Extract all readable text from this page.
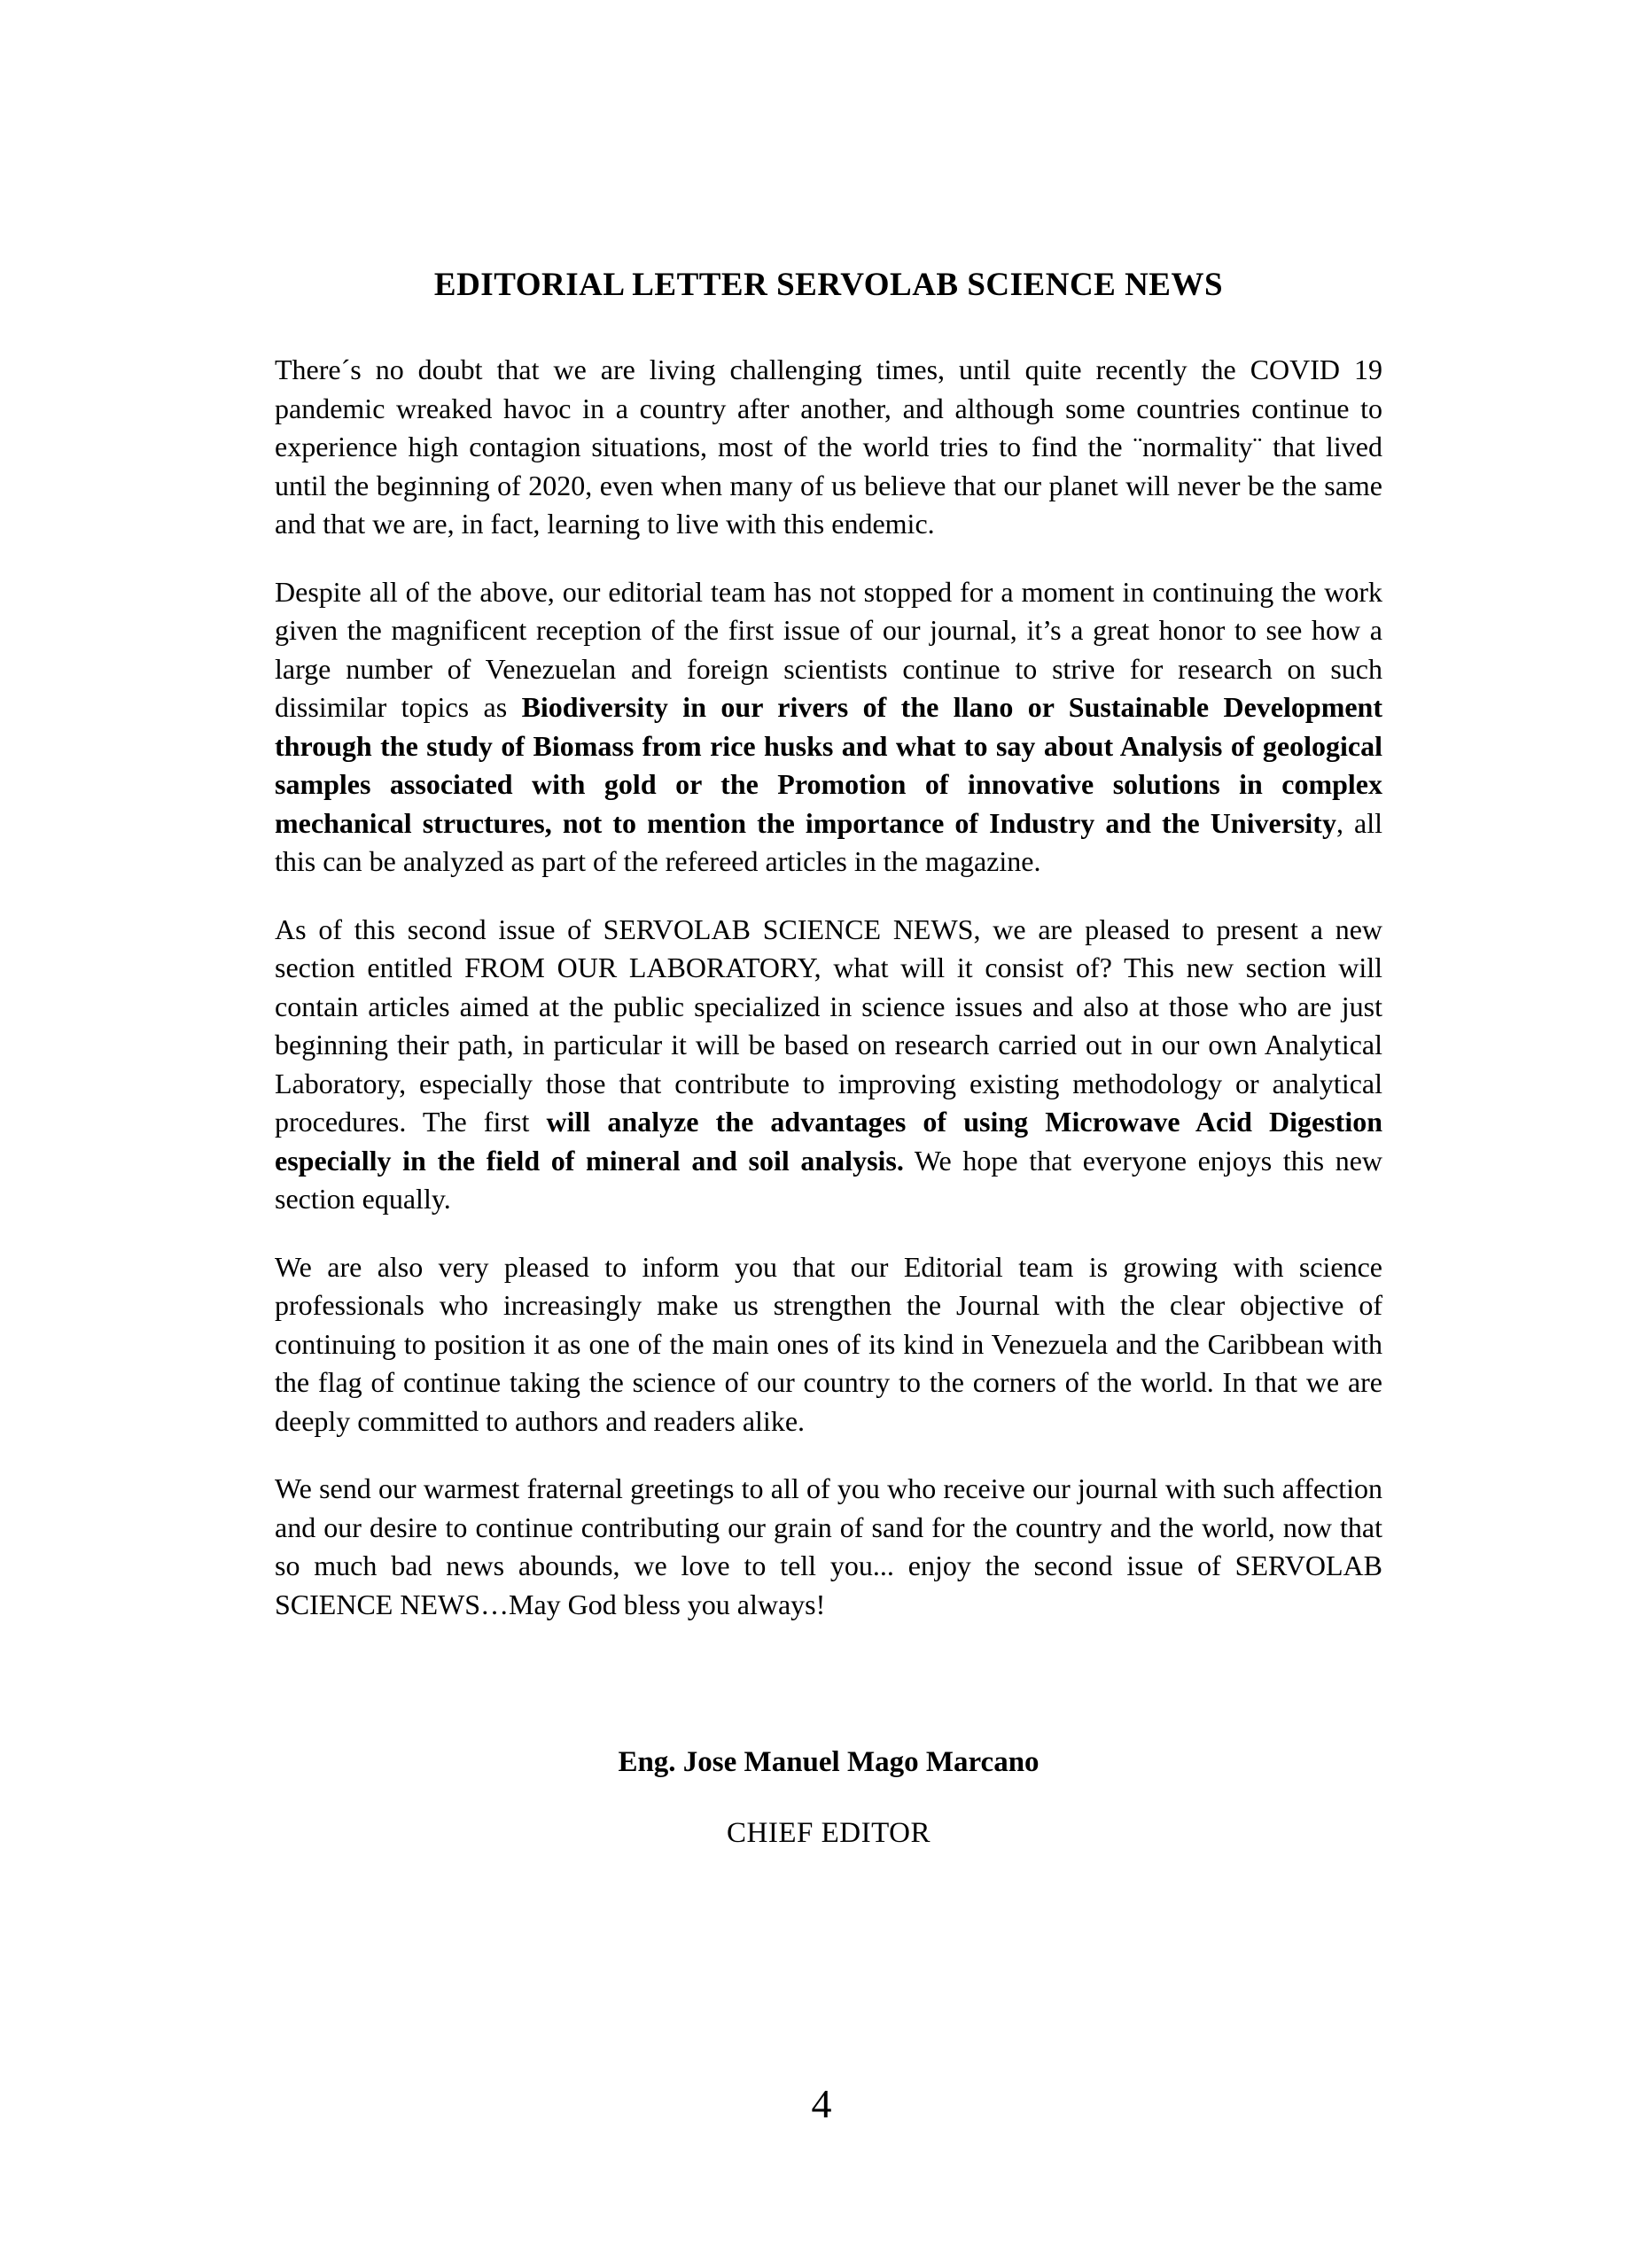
EDITORIAL LETTER SERVOLAB SCIENCE NEWS

There´s no doubt that we are living challenging times, until quite recently the COVID 19 pandemic wreaked havoc in a country after another, and although some countries continue to experience high contagion situations, most of the world tries to find the ¨normality¨ that lived until the beginning of 2020, even when many of us believe that our planet will never be the same and that we are, in fact, learning to live with this endemic.

Despite all of the above, our editorial team has not stopped for a moment in continuing the work given the magnificent reception of the first issue of our journal, it’s a great honor to see how a large number of Venezuelan and foreign scientists continue to strive for research on such dissimilar topics as Biodiversity in our rivers of the llano or Sustainable Development through the study of Biomass from rice husks and what to say about Analysis of geological samples associated with gold or the Promotion of innovative solutions in complex mechanical structures, not to mention the importance of Industry and the University, all this can be analyzed as part of the refereed articles in the magazine.

As of this second issue of SERVOLAB SCIENCE NEWS, we are pleased to present a new section entitled FROM OUR LABORATORY, what will it consist of? This new section will contain articles aimed at the public specialized in science issues and also at those who are just beginning their path, in particular it will be based on research carried out in our own Analytical Laboratory, especially those that contribute to improving existing methodology or analytical procedures. The first will analyze the advantages of using Microwave Acid Digestion especially in the field of mineral and soil analysis. We hope that everyone enjoys this new section equally.

We are also very pleased to inform you that our Editorial team is growing with science professionals who increasingly make us strengthen the Journal with the clear objective of continuing to position it as one of the main ones of its kind in Venezuela and the Caribbean with the flag of continue taking the science of our country to the corners of the world. In that we are deeply committed to authors and readers alike.

We send our warmest fraternal greetings to all of you who receive our journal with such affection and our desire to continue contributing our grain of sand for the country and the world, now that so much bad news abounds, we love to tell you... enjoy the second issue of SERVOLAB SCIENCE NEWS…May God bless you always!

Eng. Jose Manuel Mago Marcano
CHIEF EDITOR
4
